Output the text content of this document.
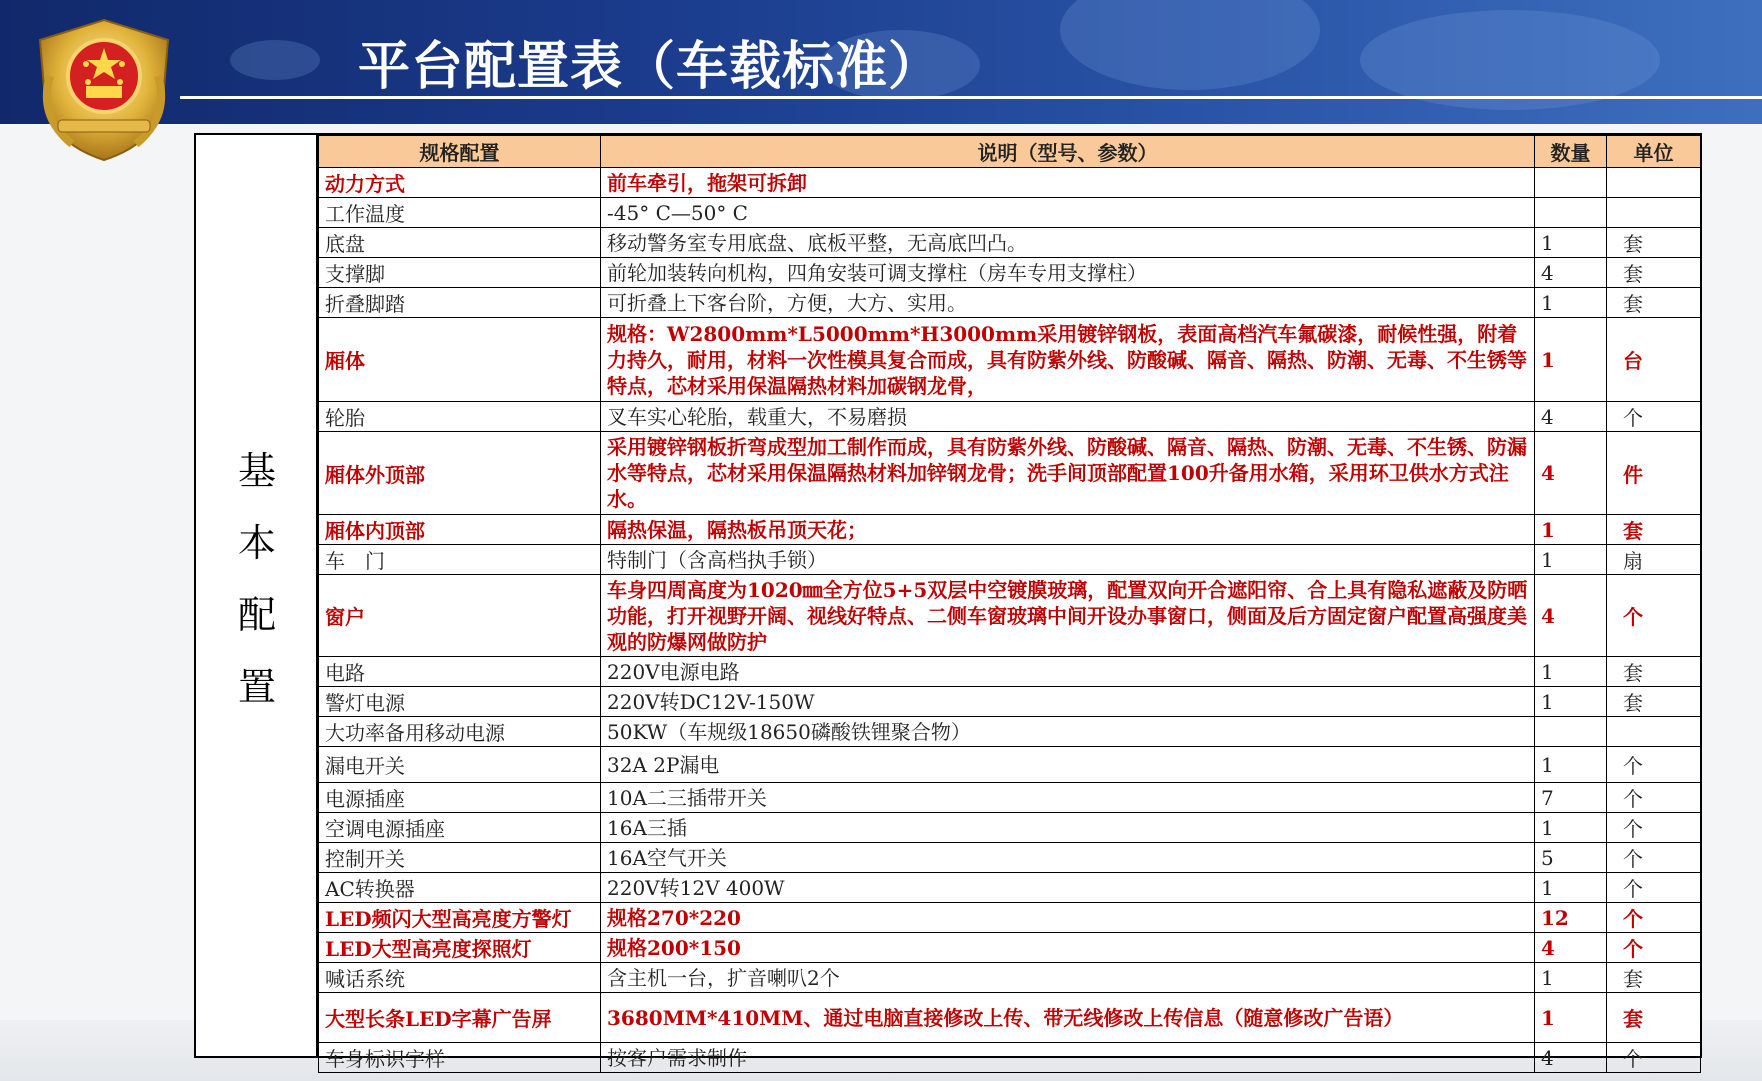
平台配置表（车载标准）
基
本
配
置
规格配置	说明（型号、参数）	数量	单位
动力方式	前车牵引，拖架可拆卸		
工作温度	-45° C—50° C		
底盘	移动警务室专用底盘、底板平整，无高底凹凸。	1	套
支撑脚	前轮加装转向机构，四角安装可调支撑柱（房车专用支撑柱）	4	套
折叠脚踏	可折叠上下客台阶，方便，大方、实用。	1	套
厢体	规格：W2800mm*L5000mm*H3000mm采用镀锌钢板，表面高档汽车氟碳漆，耐候性强，附着力持久，耐用，材料一次性模具复合而成，具有防紫外线、防酸碱、隔音、隔热、防潮、无毒、不生锈等特点，芯材采用保温隔热材料加碳钢龙骨，	1	台
轮胎	叉车实心轮胎，载重大，不易磨损	4	个
厢体外顶部	采用镀锌钢板折弯成型加工制作而成，具有防紫外线、防酸碱、隔音、隔热、防潮、无毒、不生锈、防漏水等特点，芯材采用保温隔热材料加锌钢龙骨；洗手间顶部配置100升备用水箱，采用环卫供水方式注水。	4	件
厢体内顶部	隔热保温，隔热板吊顶天花；	1	套
车　门	特制门（含高档执手锁）	1	扇
窗户	车身四周高度为1020㎜全方位5+5双层中空镀膜玻璃，配置双向开合遮阳帘、合上具有隐私遮蔽及防晒功能，打开视野开阔、视线好特点、二侧车窗玻璃中间开设办事窗口，侧面及后方固定窗户配置高强度美观的防爆网做防护	4	个
电路	220V电源电路	1	套
警灯电源	220V转DC12V-150W	1	套
大功率备用移动电源	50KW（车规级18650磷酸铁锂聚合物）		
漏电开关	32A 2P漏电	1	个
电源插座	10A二三插带开关	7	个
空调电源插座	16A三插	1	个
控制开关	16A空气开关	5	个
AC转换器	220V转12V 400W	1	个
LED频闪大型高亮度方警灯	规格270*220	12	个
LED大型高亮度探照灯	规格200*150	4	个
喊话系统	含主机一台，扩音喇叭2个	1	套
大型长条LED字幕广告屏	3680MM*410MM、通过电脑直接修改上传、带无线修改上传信息（随意修改广告语）	1	套
车身标识字样	按客户需求制作	4	个
